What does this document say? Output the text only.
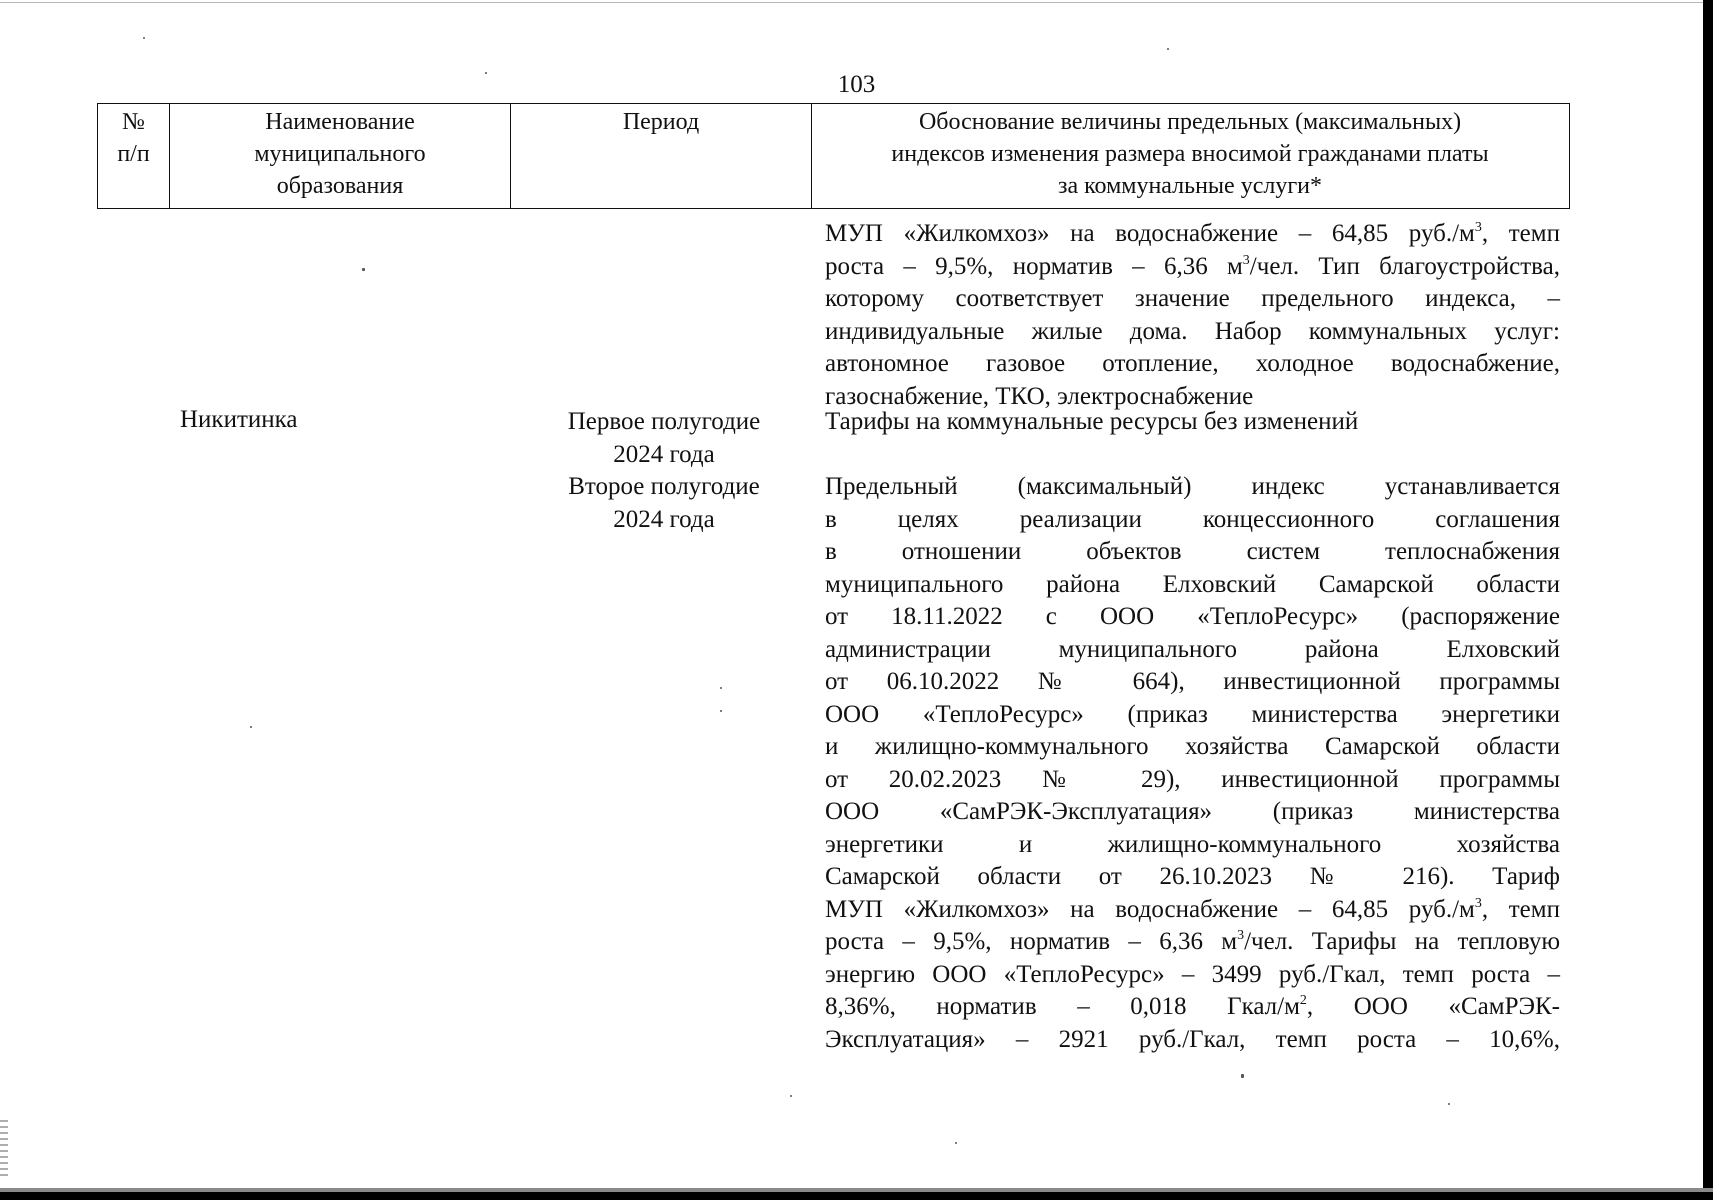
103
№
п/п
Наименование
муниципального
образования
Период	Обоснование величины предельных (максимальных)
индексов изменения размера вносимой гражданами платы
за коммунальные услуги*
МУП «Жилкомхоз» на водоснабжение – 64,85 $руб./м^3$, темп
роста – 9,5%, норматив – 6,36 $м^3$/чел. Тип благоустройства,
которому соответствует значение предельного индекса, –
индивидуальные жилые дома. Набор коммунальных услуг:
автономное газовое отопление, холодное водоснабжение,
газоснабжение, ТКО, электроснабжение
Никитинка	Первое полугодие
2024 года
Тарифы на коммунальные ресурсы без изменений
Второе полугодие
2024 года
Предельный (максимальный) индекс устанавливается
в целях реализации концессионного соглашения
в отношении объектов систем теплоснабжения
муниципального района Елховский Самарской области
от 18.11.2022 с ООО «ТеплоРесурс» (распоряжение
администрации муниципального района Елховский
от 06.10.2022 № 664), инвестиционной программы
ООО «ТеплоРесурс» (приказ министерства энергетики
и жилищно-коммунального хозяйства Самарской области
от 20.02.2023 № 29), инвестиционной программы
ООО «СамРЭК-Эксплуатация» (приказ министерства
энергетики и жилищно-коммунального хозяйства
Самарской области от 26.10.2023 № 216). Тариф
МУП «Жилкомхоз» на водоснабжение – 64,85 $руб./м^3$, темп
роста – 9,5%, норматив – 6,36 $м^3$/чел. Тарифы на тепловую
энергию ООО «ТеплоРесурс» – 3499 руб./Гкал, темп роста –
8,36%, норматив – 0,018 Гкал/$м^2$, ООО «СамРЭК-
Эксплуатация» – 2921 руб./Гкал, темп роста – 10,6%,
